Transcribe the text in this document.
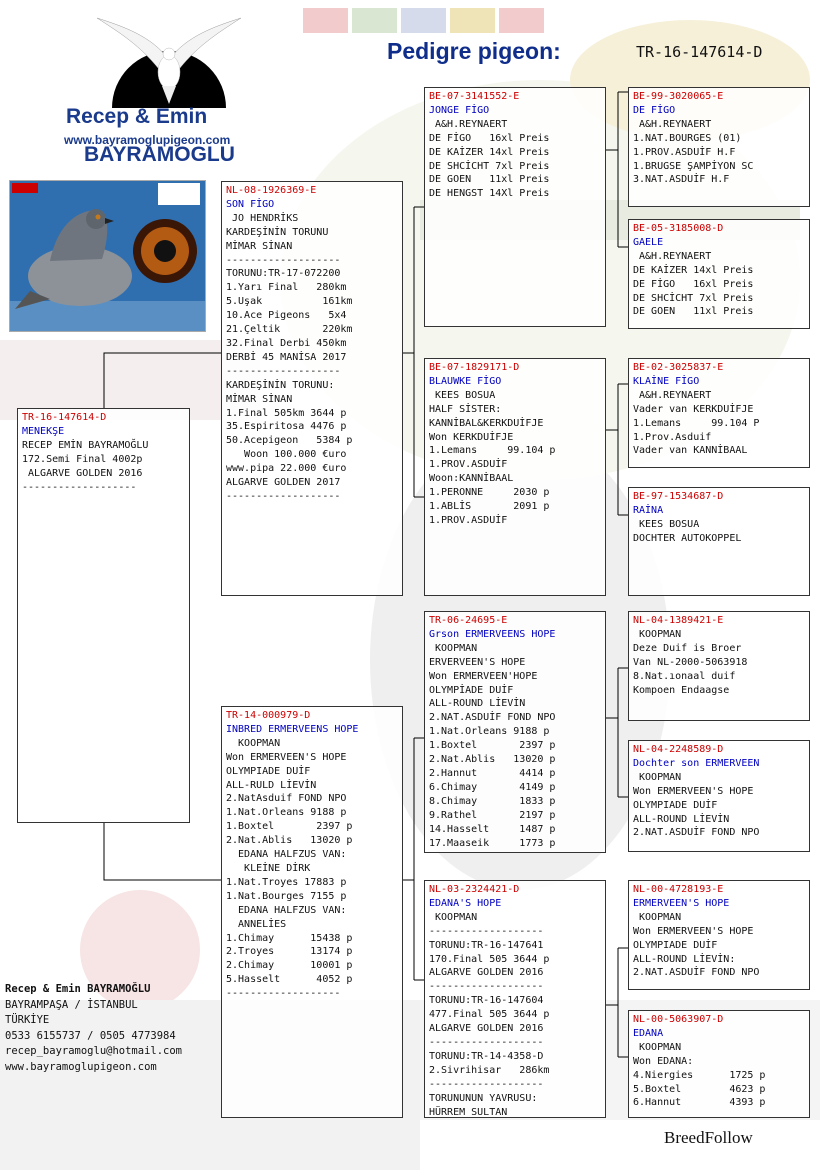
Pedigre pigeon:	TR-16-147614-D
Recep & Emin
www.bayramoglupigeon.com
BAYRAMOGLU
TR-16-147614-D
MENEKŞE
RECEP EMİN BAYRAMOĞLU
172.Semi Final 4002p
ALGARVE GOLDEN 2016
-------------------
NL-08-1926369-E
SON FİGO
JO HENDRİKS
KARDEŞİNİN TORUNU
MİMAR SİNAN
-------------------
TORUNU:TR-17-072200
1.Yarı Final   280km
5.Uşak          161km
10.Ace Pigeons   5x4
21.Çeltik       220km
32.Final Derbi 450km
DERBİ 45 MANİSA 2017
-------------------
KARDEŞİNİN TORUNU:
MİMAR SİNAN
1.Final 505km 3644 p
35.Espiritosa 4476 p
50.Acepigeon   5384 p
Woon 100.000 €uro
www.pipa 22.000 €uro
ALGARVE GOLDEN 2017
-------------------
TR-14-000979-D
INBRED ERMERVEENS HOPE
KOOPMAN
Won ERMERVEEN'S HOPE
OLYMPIADE DUİF
ALL-RULD LİEVİN
2.NatAsduif FOND NPO
1.Nat.Orleans 9188 p
1.Boxtel       2397 p
2.Nat.Ablis   13020 p
EDANA HALFZUS VAN:
KLEİNE DİRK
1.Nat.Troyes 17883 p
1.Nat.Bourges 7155 p
EDANA HALFZUS VAN:
ANNELİES
1.Chimay      15438 p
2.Troyes      13174 p
2.Chimay      10001 p
5.Hasselt      4052 p
-------------------
BE-07-3141552-E
JONGE FİGO
A&H.REYNAERT
DE FİGO   16xl Preis
DE KAİZER 14xl Preis
DE SHCİCHT 7xl Preis
DE GOEN   11xl Preis
DE HENGST 14Xl Preis
BE-07-1829171-D
BLAUWKE FİGO
KEES BOSUA
HALF SİSTER:
KANNİBAL&KERKDUİFJE
Won KERKDUİFJE
1.Lemans     99.104 p
1.PROV.ASDUİF
Woon:KANNİBAAL
1.PERONNE     2030 p
1.ABLİS       2091 p
1.PROV.ASDUİF
TR-06-24695-E
Grson ERMERVEENS HOPE
KOOPMAN
ERVERVEEN'S HOPE
Won ERMERVEEN'HOPE
OLYMPİADE DUİF
ALL-ROUND LİEVİN
2.NAT.ASDUİF FOND NPO
1.Nat.Orleans 9188 p
1.Boxtel       2397 p
2.Nat.Ablis   13020 p
2.Hannut       4414 p
6.Chimay       4149 p
8.Chimay       1833 p
9.Rathel       2197 p
14.Hasselt     1487 p
17.Maaseik     1773 p
NL-03-2324421-D
EDANA'S HOPE
KOOPMAN
-------------------
TORUNU:TR-16-147641
170.Final 505 3644 p
ALGARVE GOLDEN 2016
-------------------
TORUNU:TR-16-147604
477.Final 505 3644 p
ALGARVE GOLDEN 2016
-------------------
TORUNU:TR-14-4358-D
2.Sivrihisar   286km
-------------------
TORUNUNUN YAVRUSU:
HÜRREM SULTAN
BE-99-3020065-E
DE FİGO
A&H.REYNAERT
1.NAT.BOURGES (01)
1.PROV.ASDUİF H.F
1.BRUGSE ŞAMPİYON SC
3.NAT.ASDUİF H.F
BE-05-3185008-D
GAELE
A&H.REYNAERT
DE KAİZER 14xl Preis
DE FİGO   16xl Preis
DE SHCİCHT 7xl Preis
DE GOEN   11xl Preis
BE-02-3025837-E
KLAİNE FİGO
A&H.REYNAERT
Vader van KERKDUİFJE
1.Lemans     99.104 P
1.Prov.Asduif
Vader van KANNİBAAL
BE-97-1534687-D
RAİNA
KEES BOSUA
DOCHTER AUTOKOPPEL
NL-04-1389421-E
KOOPMAN
Deze Duif is Broer
Van NL-2000-5063918
8.Nat.ıonaal duif
Kompoen Endaagse
NL-04-2248589-D
Dochter son ERMERVEEN
KOOPMAN
Won ERMERVEEN'S HOPE
OLYMPIADE DUİF
ALL-ROUND LİEVİN
2.NAT.ASDUİF FOND NPO
NL-00-4728193-E
ERMERVEEN'S HOPE
KOOPMAN
Won ERMERVEEN'S HOPE
OLYMPIADE DUİF
ALL-ROUND LİEVİN:
2.NAT.ASDUİF FOND NPO
NL-00-5063907-D
EDANA
KOOPMAN
Won EDANA:
4.Niergies      1725 p
5.Boxtel        4623 p
6.Hannut        4393 p
Recep & Emin BAYRAMOĞLU
BAYRAMPAŞA / İSTANBUL
TÜRKİYE
0533 6155737 / 0505 4773984
recep_bayramoglu@hotmail.com
www.bayramoglupigeon.com
BreedFollow
